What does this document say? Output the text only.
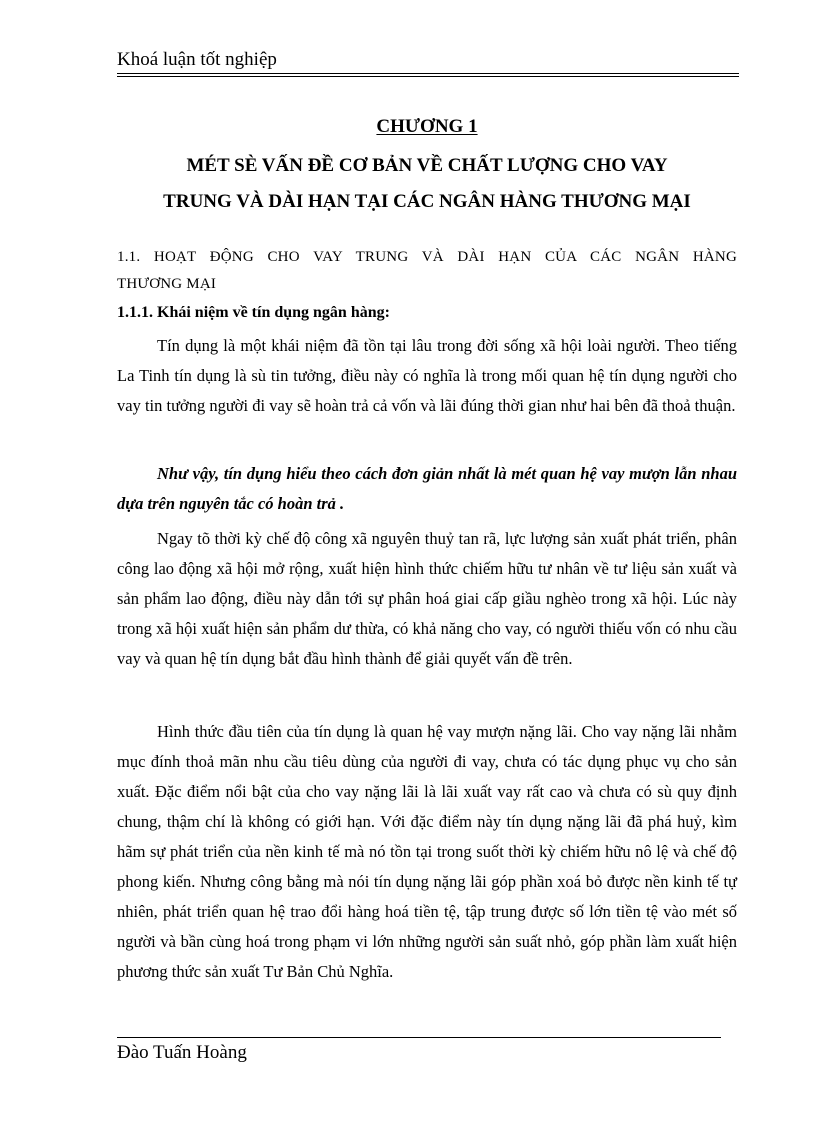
Khoá luận tốt nghiệp
CHƯƠNG 1
MÉT SÈ VẤN ĐỀ CƠ BẢN VỀ CHẤT LƯỢNG CHO VAY
TRUNG VÀ DÀI HẠN TẠI CÁC NGÂN HÀNG THƯƠNG MẠI
1.1. HOẠT ĐỘNG CHO VAY TRUNG VÀ DÀI HẠN CỦA CÁC NGÂN HÀNG
THƯƠNG MẠI
1.1.1. Khái niệm về tín dụng ngân hàng:
Tín dụng là một khái niệm đã tồn tại lâu trong đời sống xã hội loài người. Theo tiếng La Tinh tín dụng là sù tin tưởng, điều này có nghĩa là trong mối quan hệ tín dụng người cho vay tin tưởng người đi vay sẽ hoàn trả cả vốn và lãi đúng thời gian như hai bên đã thoả thuận.
Như vậy, tín dụng hiểu theo cách đơn giản nhất là mét quan hệ vay mượn lẫn nhau dựa trên nguyên tắc có hoàn trả .
Ngay tõ thời kỳ chế độ công xã nguyên thuỷ tan rã, lực lượng sản xuất phát triển, phân công lao động xã hội mở rộng, xuất hiện hình thức chiếm hữu tư nhân về tư liệu sản xuất và sản phẩm lao động, điều này dẫn tới sự phân hoá giai cấp giầu nghèo trong xã hội. Lúc này trong xã hội xuất hiện sản phẩm dư thừa, có khả năng cho vay, có người thiếu vốn có nhu cầu vay và quan hệ tín dụng bắt đầu hình thành để giải quyết vấn đề trên.
Hình thức đầu tiên của tín dụng là quan hệ vay mượn nặng lãi. Cho vay nặng lãi nhằm mục đính thoả mãn nhu cầu tiêu dùng của người đi vay, chưa có tác dụng phục vụ cho sản xuất. Đặc điểm nổi bật của cho vay nặng lãi là lãi xuất vay rất cao và chưa có sù quy định chung, thậm chí là không có giới hạn. Với đặc điểm này tín dụng nặng lãi đã phá huỷ, kìm hãm sự phát triển của nền kinh tế mà nó tồn tại trong suốt thời kỳ chiếm hữu nô lệ và chế độ phong kiến. Nhưng công bằng mà nói tín dụng nặng lãi góp phần xoá bỏ được nền kinh tế tự nhiên, phát triển quan hệ trao đổi hàng hoá tiền tệ, tập trung được số lớn tiền tệ vào mét số người và bần cùng hoá trong phạm vi lớn những người sản suất nhỏ, góp phần làm xuất hiện phương thức sản xuất Tư Bản Chủ Nghĩa.
Đào Tuấn Hoàng
